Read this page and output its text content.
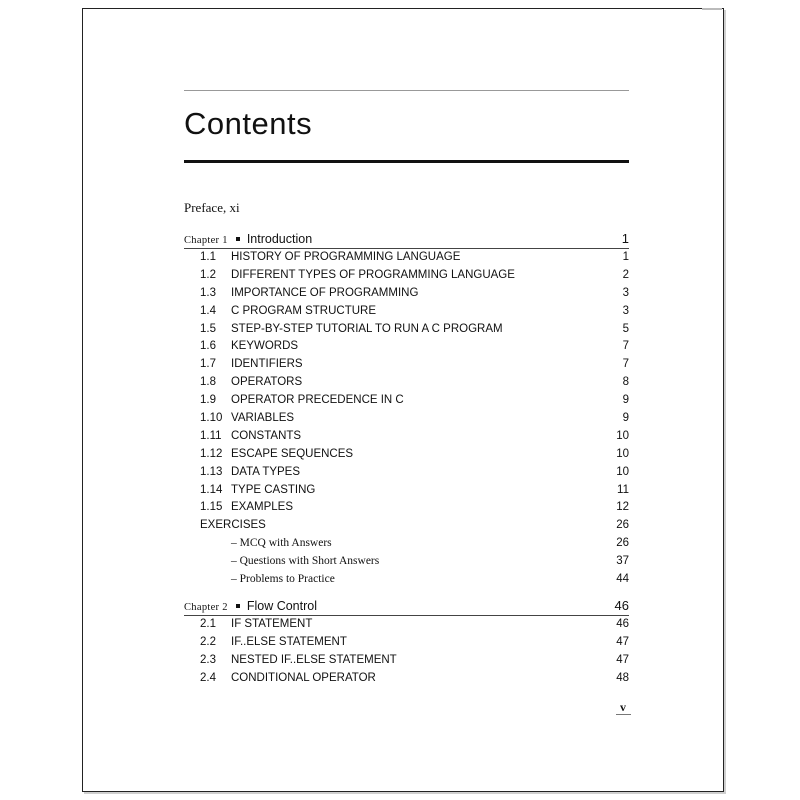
Contents
Preface, xi
Chapter 1 Introduction	1
1.1 HISTORY OF PROGRAMMING LANGUAGE	1
1.2 DIFFERENT TYPES OF PROGRAMMING LANGUAGE	2
1.3 IMPORTANCE OF PROGRAMMING	3
1.4 C PROGRAM STRUCTURE	3
1.5 STEP-BY-STEP TUTORIAL TO RUN A C PROGRAM	5
1.6 KEYWORDS	7
1.7 IDENTIFIERS	7
1.8 OPERATORS	8
1.9 OPERATOR PRECEDENCE IN C	9
1.10 VARIABLES	9
1.11 CONSTANTS	10
1.12 ESCAPE SEQUENCES	10
1.13 DATA TYPES	10
1.14 TYPE CASTING	11
1.15 EXAMPLES	12
EXERCISES	26
– MCQ with Answers	26
– Questions with Short Answers	37
– Problems to Practice	44
Chapter 2 Flow Control	46
2.1 IF STATEMENT	46
2.2 IF..ELSE STATEMENT	47
2.3 NESTED IF..ELSE STATEMENT	47
2.4 CONDITIONAL OPERATOR	48
v
